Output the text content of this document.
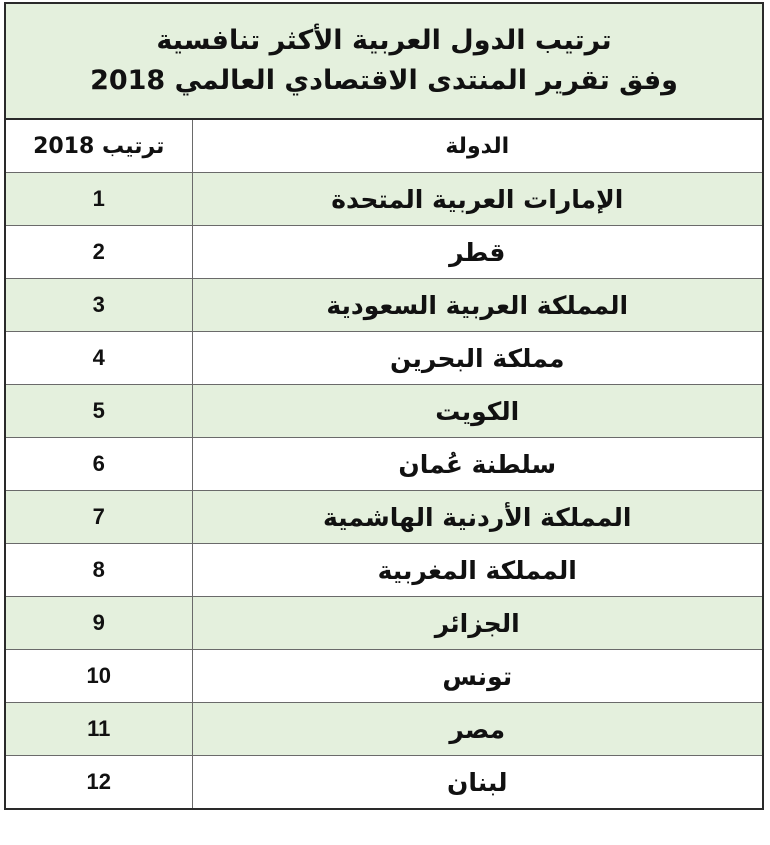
ترتيب الدول العربية الأكثر تنافسية
وفق تقرير المنتدى الاقتصادي العالمي 2018
الدولة	ترتيب 2018
الإمارات العربية المتحدة	1
قطر	2
المملكة العربية السعودية	3
مملكة البحرين	4
الكويت	5
سلطنة عُمان	6
المملكة الأردنية الهاشمية	7
المملكة المغربية	8
الجزائر	9
تونس	10
مصر	11
لبنان	12
